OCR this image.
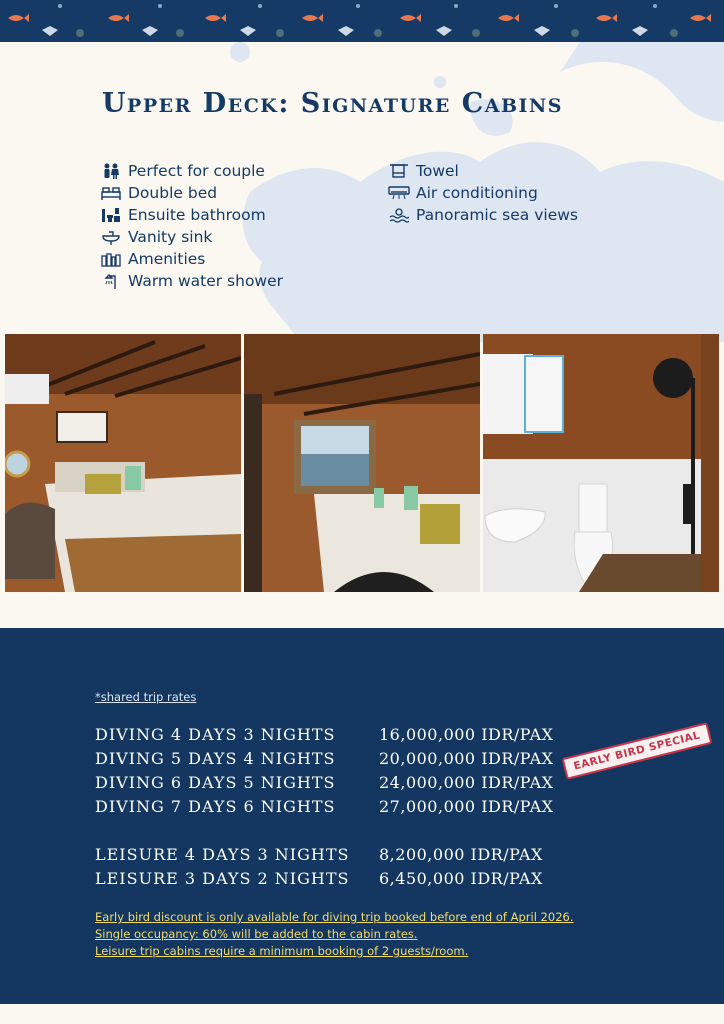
Upper Deck: Signature Cabins
Perfect for couple
Double bed
Ensuite bathroom
Vanity sink
Amenities
Warm water shower
Towel
Air conditioning
Panoramic sea views
*shared trip rates
DIVING 4 DAYS 3 NIGHTS	16,000,000 IDR/PAX
DIVING 5 DAYS 4 NIGHTS	20,000,000 IDR/PAX
DIVING 6 DAYS 5 NIGHTS	24,000,000 IDR/PAX
DIVING 7 DAYS 6 NIGHTS	27,000,000 IDR/PAX
EARLY BIRD SPECIAL
LEISURE 4 DAYS 3 NIGHTS	8,200,000 IDR/PAX
LEISURE 3 DAYS 2 NIGHTS	6,450,000 IDR/PAX
Early bird discount is only available for diving trip booked before end of April 2026.
Single occupancy: 60% will be added to the cabin rates.
Leisure trip cabins require a minimum booking of 2 guests/room.
